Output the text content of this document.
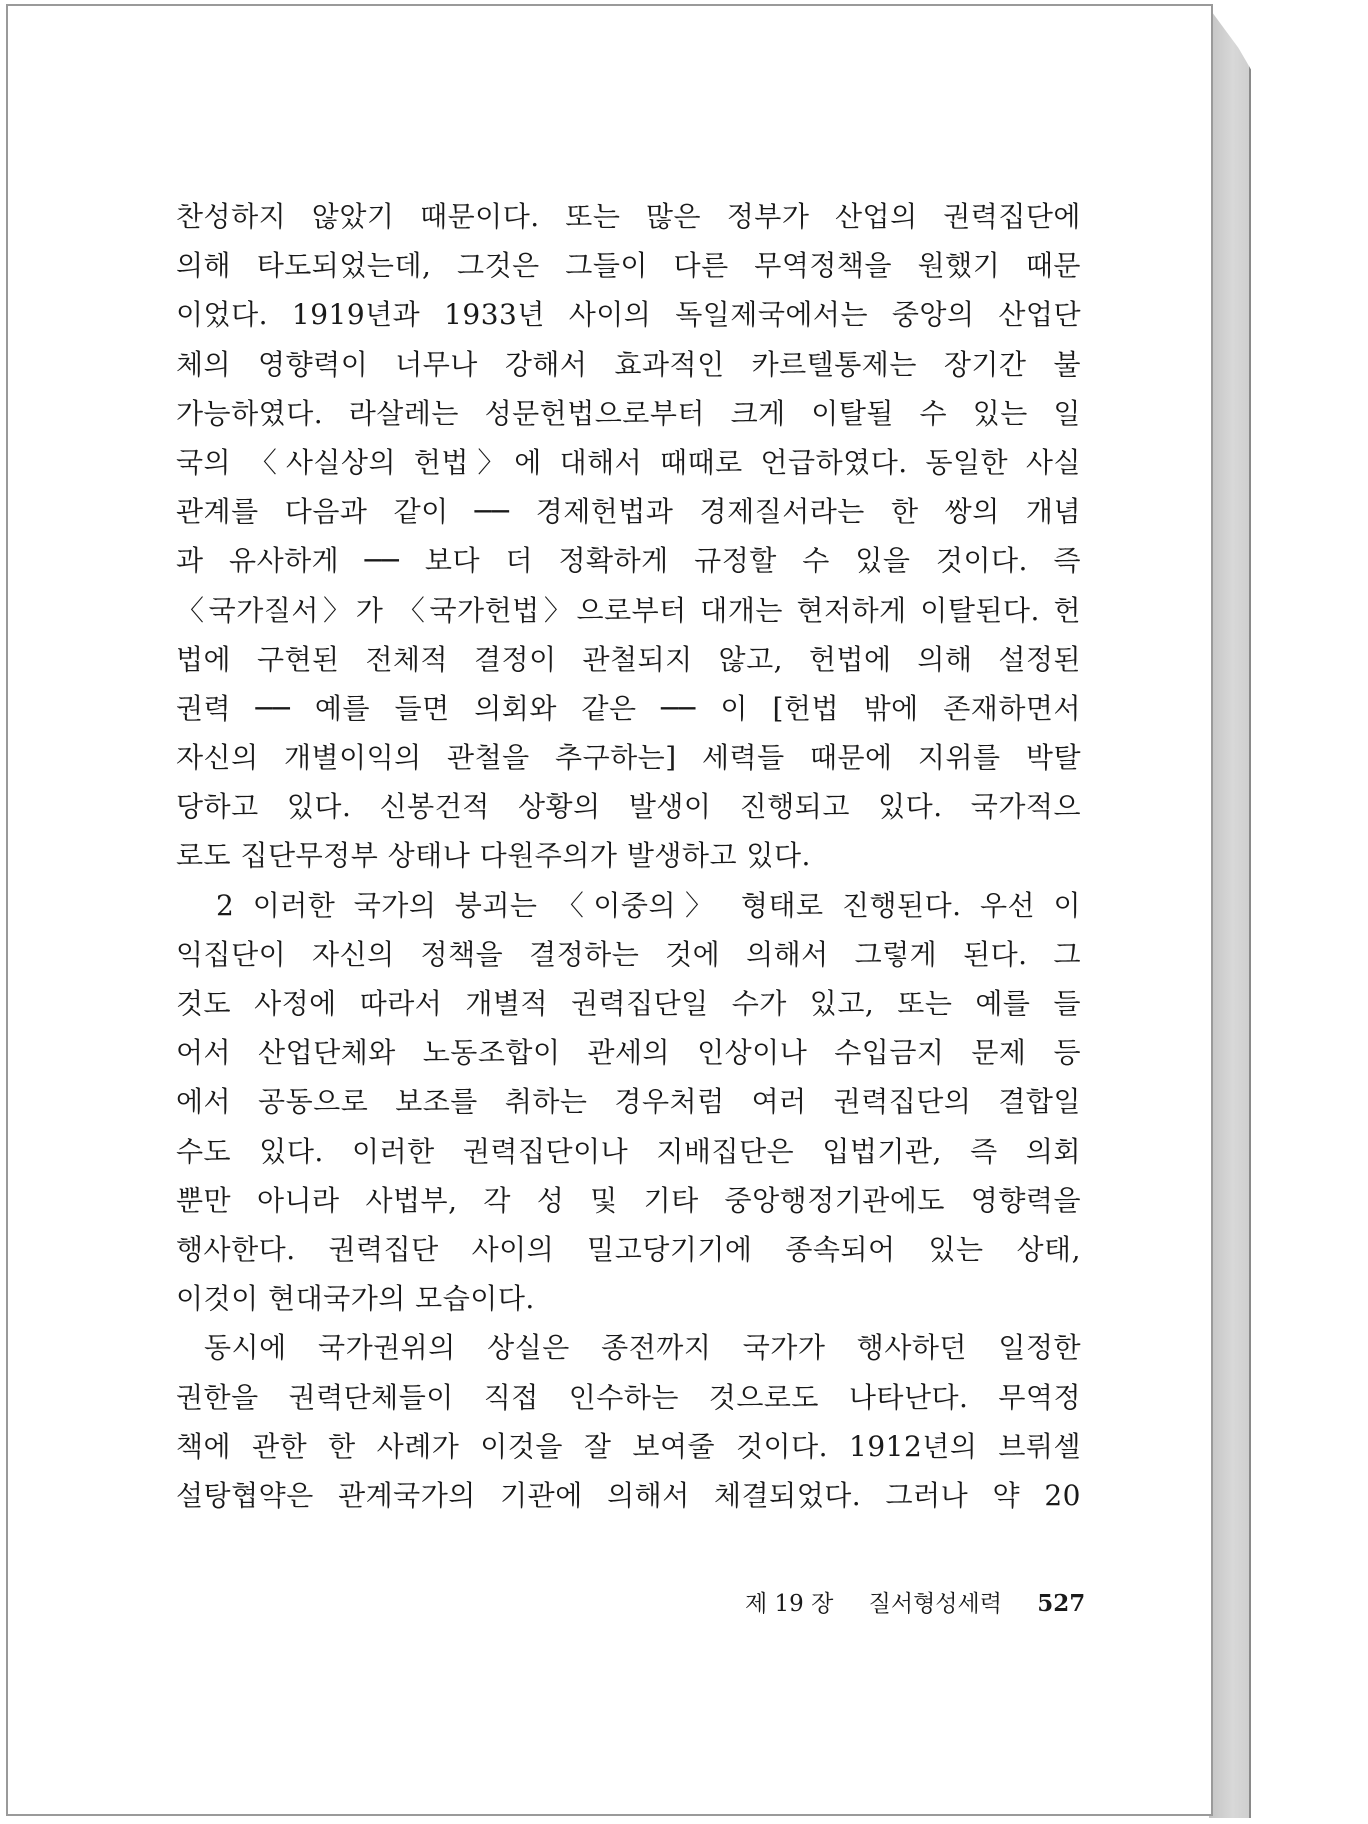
찬성하지 않았기 때문이다. 또는 많은 정부가 산업의 권력집단에
의해 타도되었는데, 그것은 그들이 다른 무역정책을 원했기 때문
이었다. 1919년과 1933년 사이의 독일제국에서는 중앙의 산업단
체의 영향력이 너무나 강해서 효과적인 카르텔통제는 장기간 불
가능하였다. 라살레는 성문헌법으로부터 크게 이탈될 수 있는 일
국의 〈사실상의 헌법〉에 대해서 때때로 언급하였다. 동일한 사실
관계를 다음과 같이 ── 경제헌법과 경제질서라는 한 쌍의 개념
과 유사하게 ── 보다 더 정확하게 규정할 수 있을 것이다. 즉
〈국가질서〉가 〈국가헌법〉으로부터 대개는 현저하게 이탈된다. 헌
법에 구현된 전체적 결정이 관철되지 않고, 헌법에 의해 설정된
권력 ── 예를 들면 의회와 같은 ── 이 [헌법 밖에 존재하면서
자신의 개별이익의 관철을 추구하는] 세력들 때문에 지위를 박탈
당하고 있다. 신봉건적 상황의 발생이 진행되고 있다. 국가적으
로도 집단무정부 상태나 다원주의가 발생하고 있다.
2 이러한 국가의 붕괴는 〈이중의〉 형태로 진행된다. 우선 이
익집단이 자신의 정책을 결정하는 것에 의해서 그렇게 된다. 그
것도 사정에 따라서 개별적 권력집단일 수가 있고, 또는 예를 들
어서 산업단체와 노동조합이 관세의 인상이나 수입금지 문제 등
에서 공동으로 보조를 취하는 경우처럼 여러 권력집단의 결합일
수도 있다. 이러한 권력집단이나 지배집단은 입법기관, 즉 의회
뿐만 아니라 사법부, 각 성 및 기타 중앙행정기관에도 영향력을
행사한다. 권력집단 사이의 밀고당기기에 종속되어 있는 상태,
이것이 현대국가의 모습이다.
동시에 국가권위의 상실은 종전까지 국가가 행사하던 일정한
권한을 권력단체들이 직접 인수하는 것으로도 나타난다. 무역정
책에 관한 한 사례가 이것을 잘 보여줄 것이다. 1912년의 브뤼셀
설탕협약은 관계국가의 기관에 의해서 체결되었다. 그러나 약 20
제 19 장 질서형성세력 527
